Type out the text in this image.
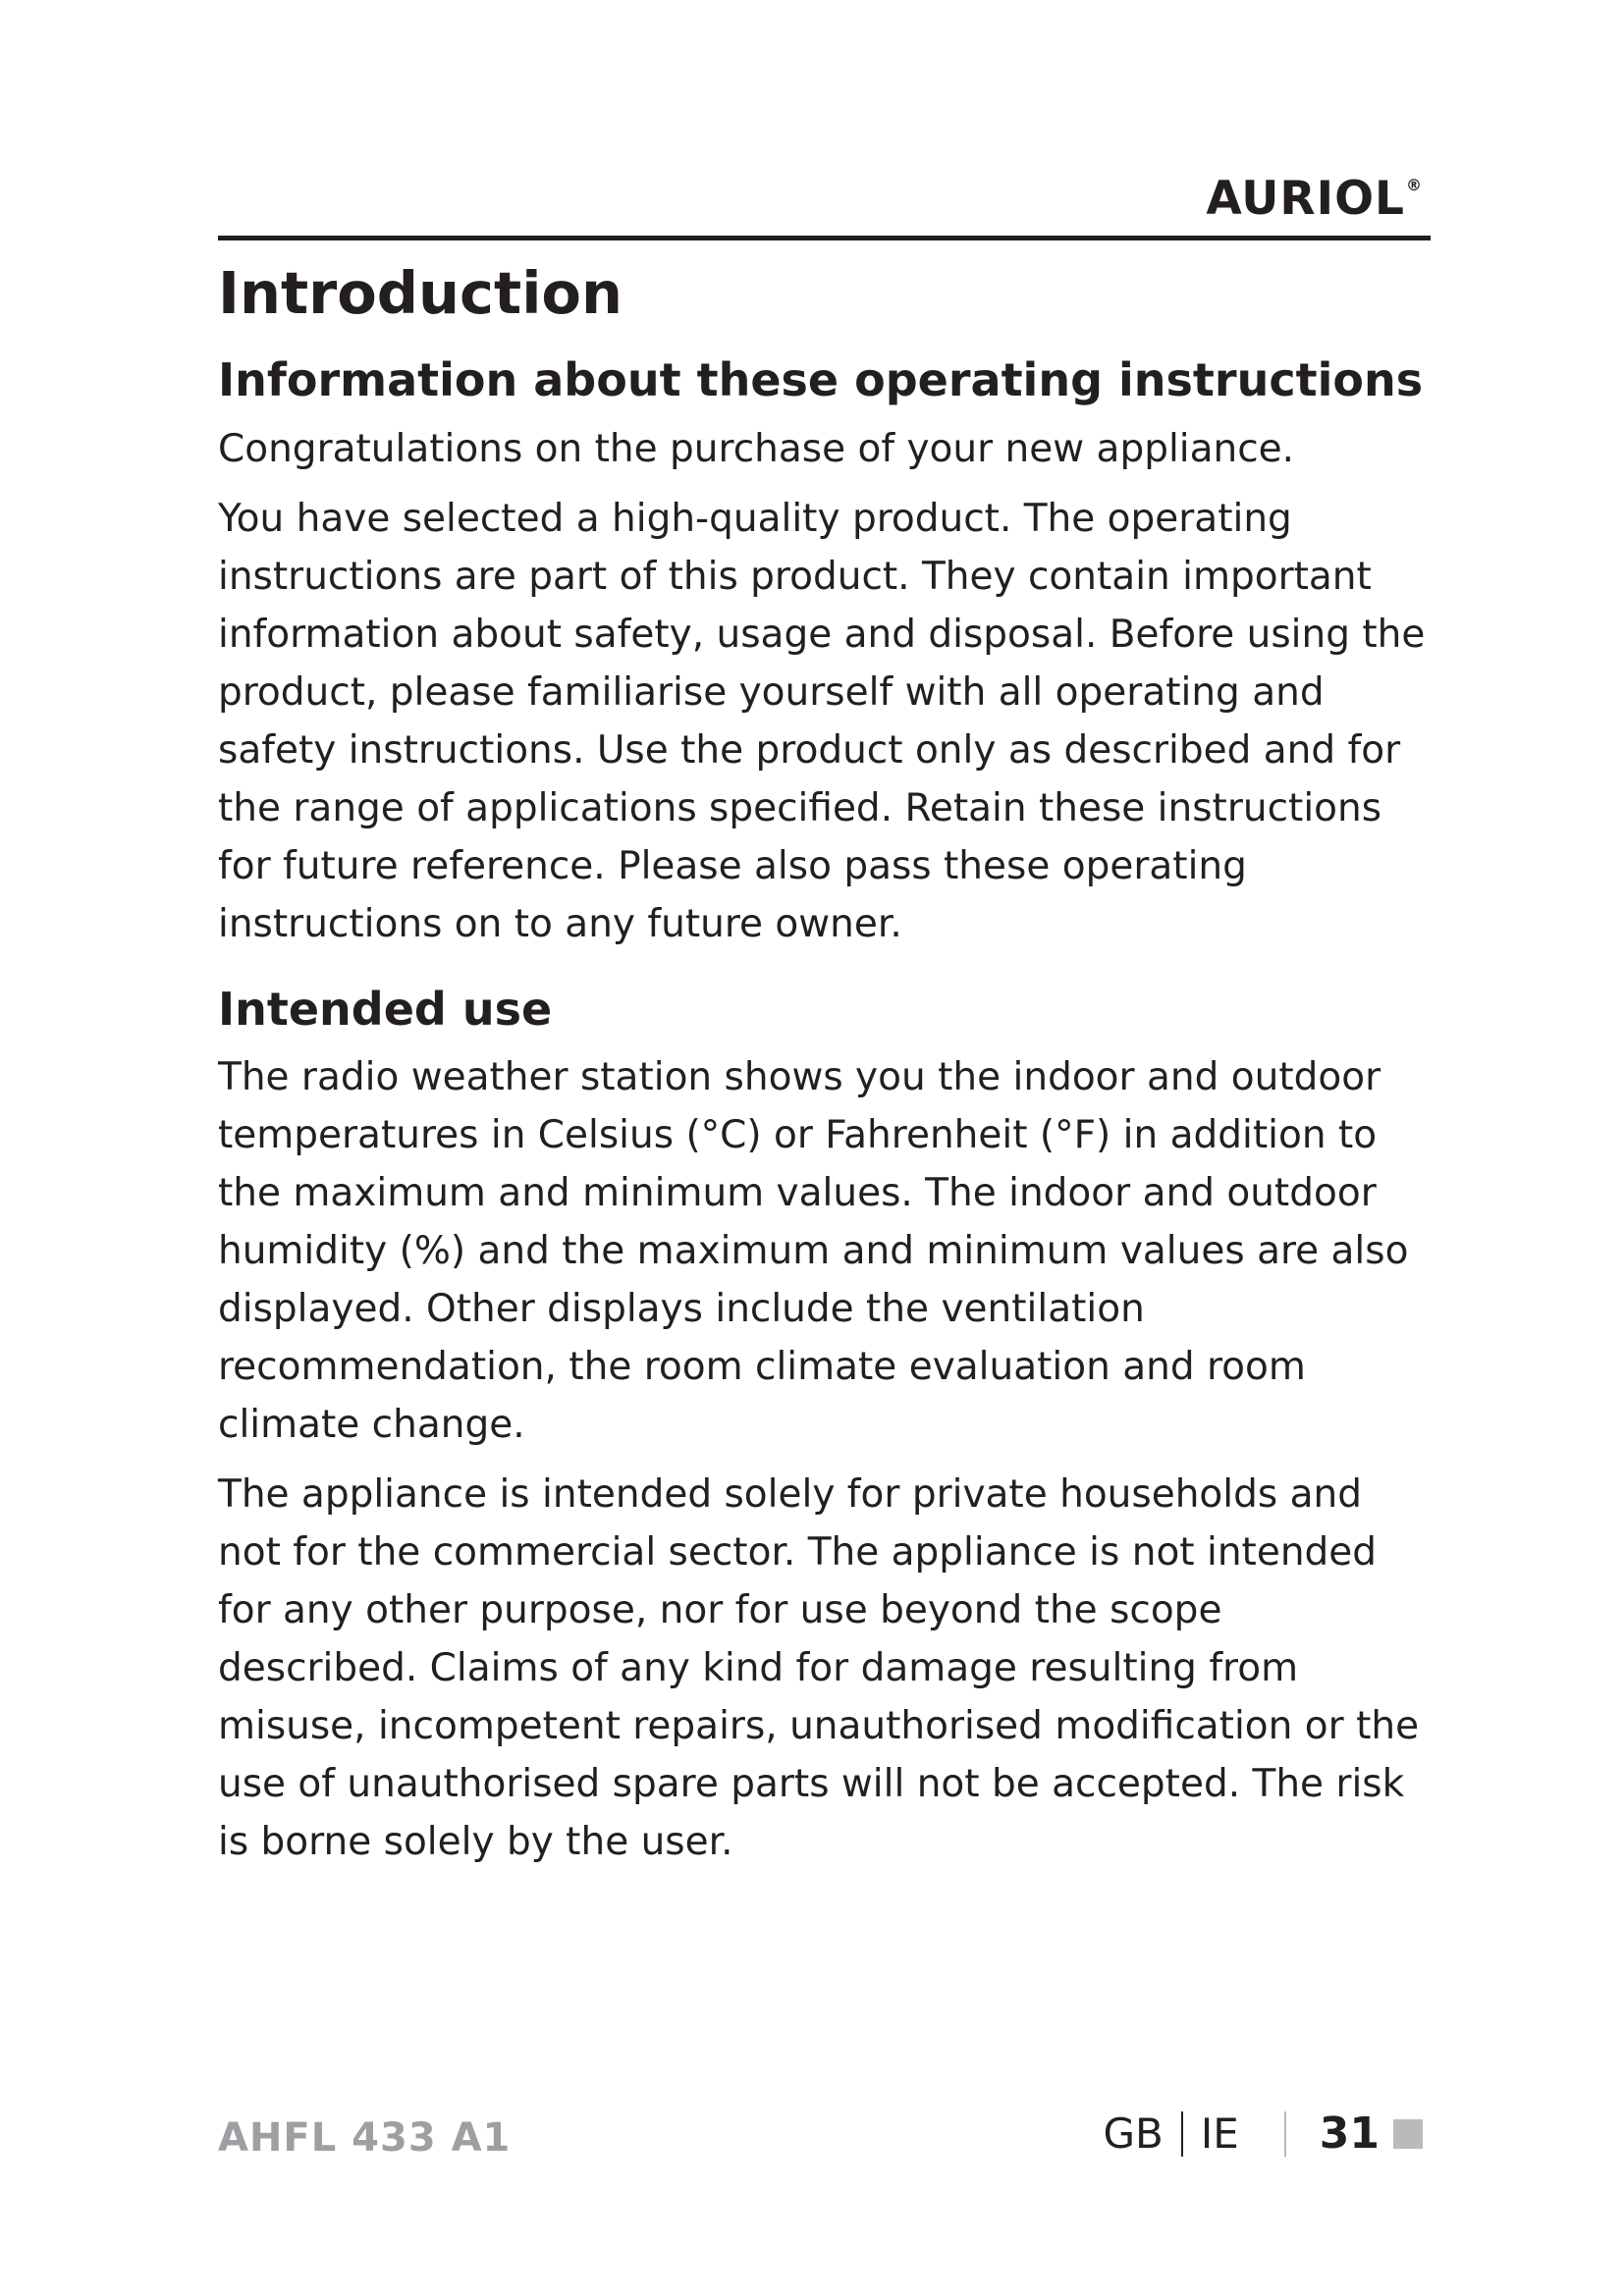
AURIOL®
Introduction
Information about these operating instructions

Congratulations on the purchase of your new appliance.

You have selected a high-quality product. The operating instructions are part of this product. They contain important information about safety, usage and disposal. Before using the product, please familiarise yourself with all operating and safety instructions. Use the product only as described and for the range of applications specified. Retain these instructions for future reference. Please also pass these operating instructions on to any future owner.

Intended use

The radio weather station shows you the indoor and outdoor temperatures in Celsius (°C) or Fahrenheit (°F) in addition to the maximum and minimum values. The indoor and outdoor humidity (%) and the maximum and minimum values are also displayed. Other displays include the ventilation recommendation, the room climate evaluation and room climate change.

The appliance is intended solely for private households and not for the commercial sector. The appliance is not intended for any other purpose, nor for use beyond the scope described. Claims of any kind for damage resulting from misuse, incompetent repairs, unauthorised modification or the use of unauthorised spare parts will not be accepted. The risk is borne solely by the user.

AHFL 433 A1	GB IE 31
